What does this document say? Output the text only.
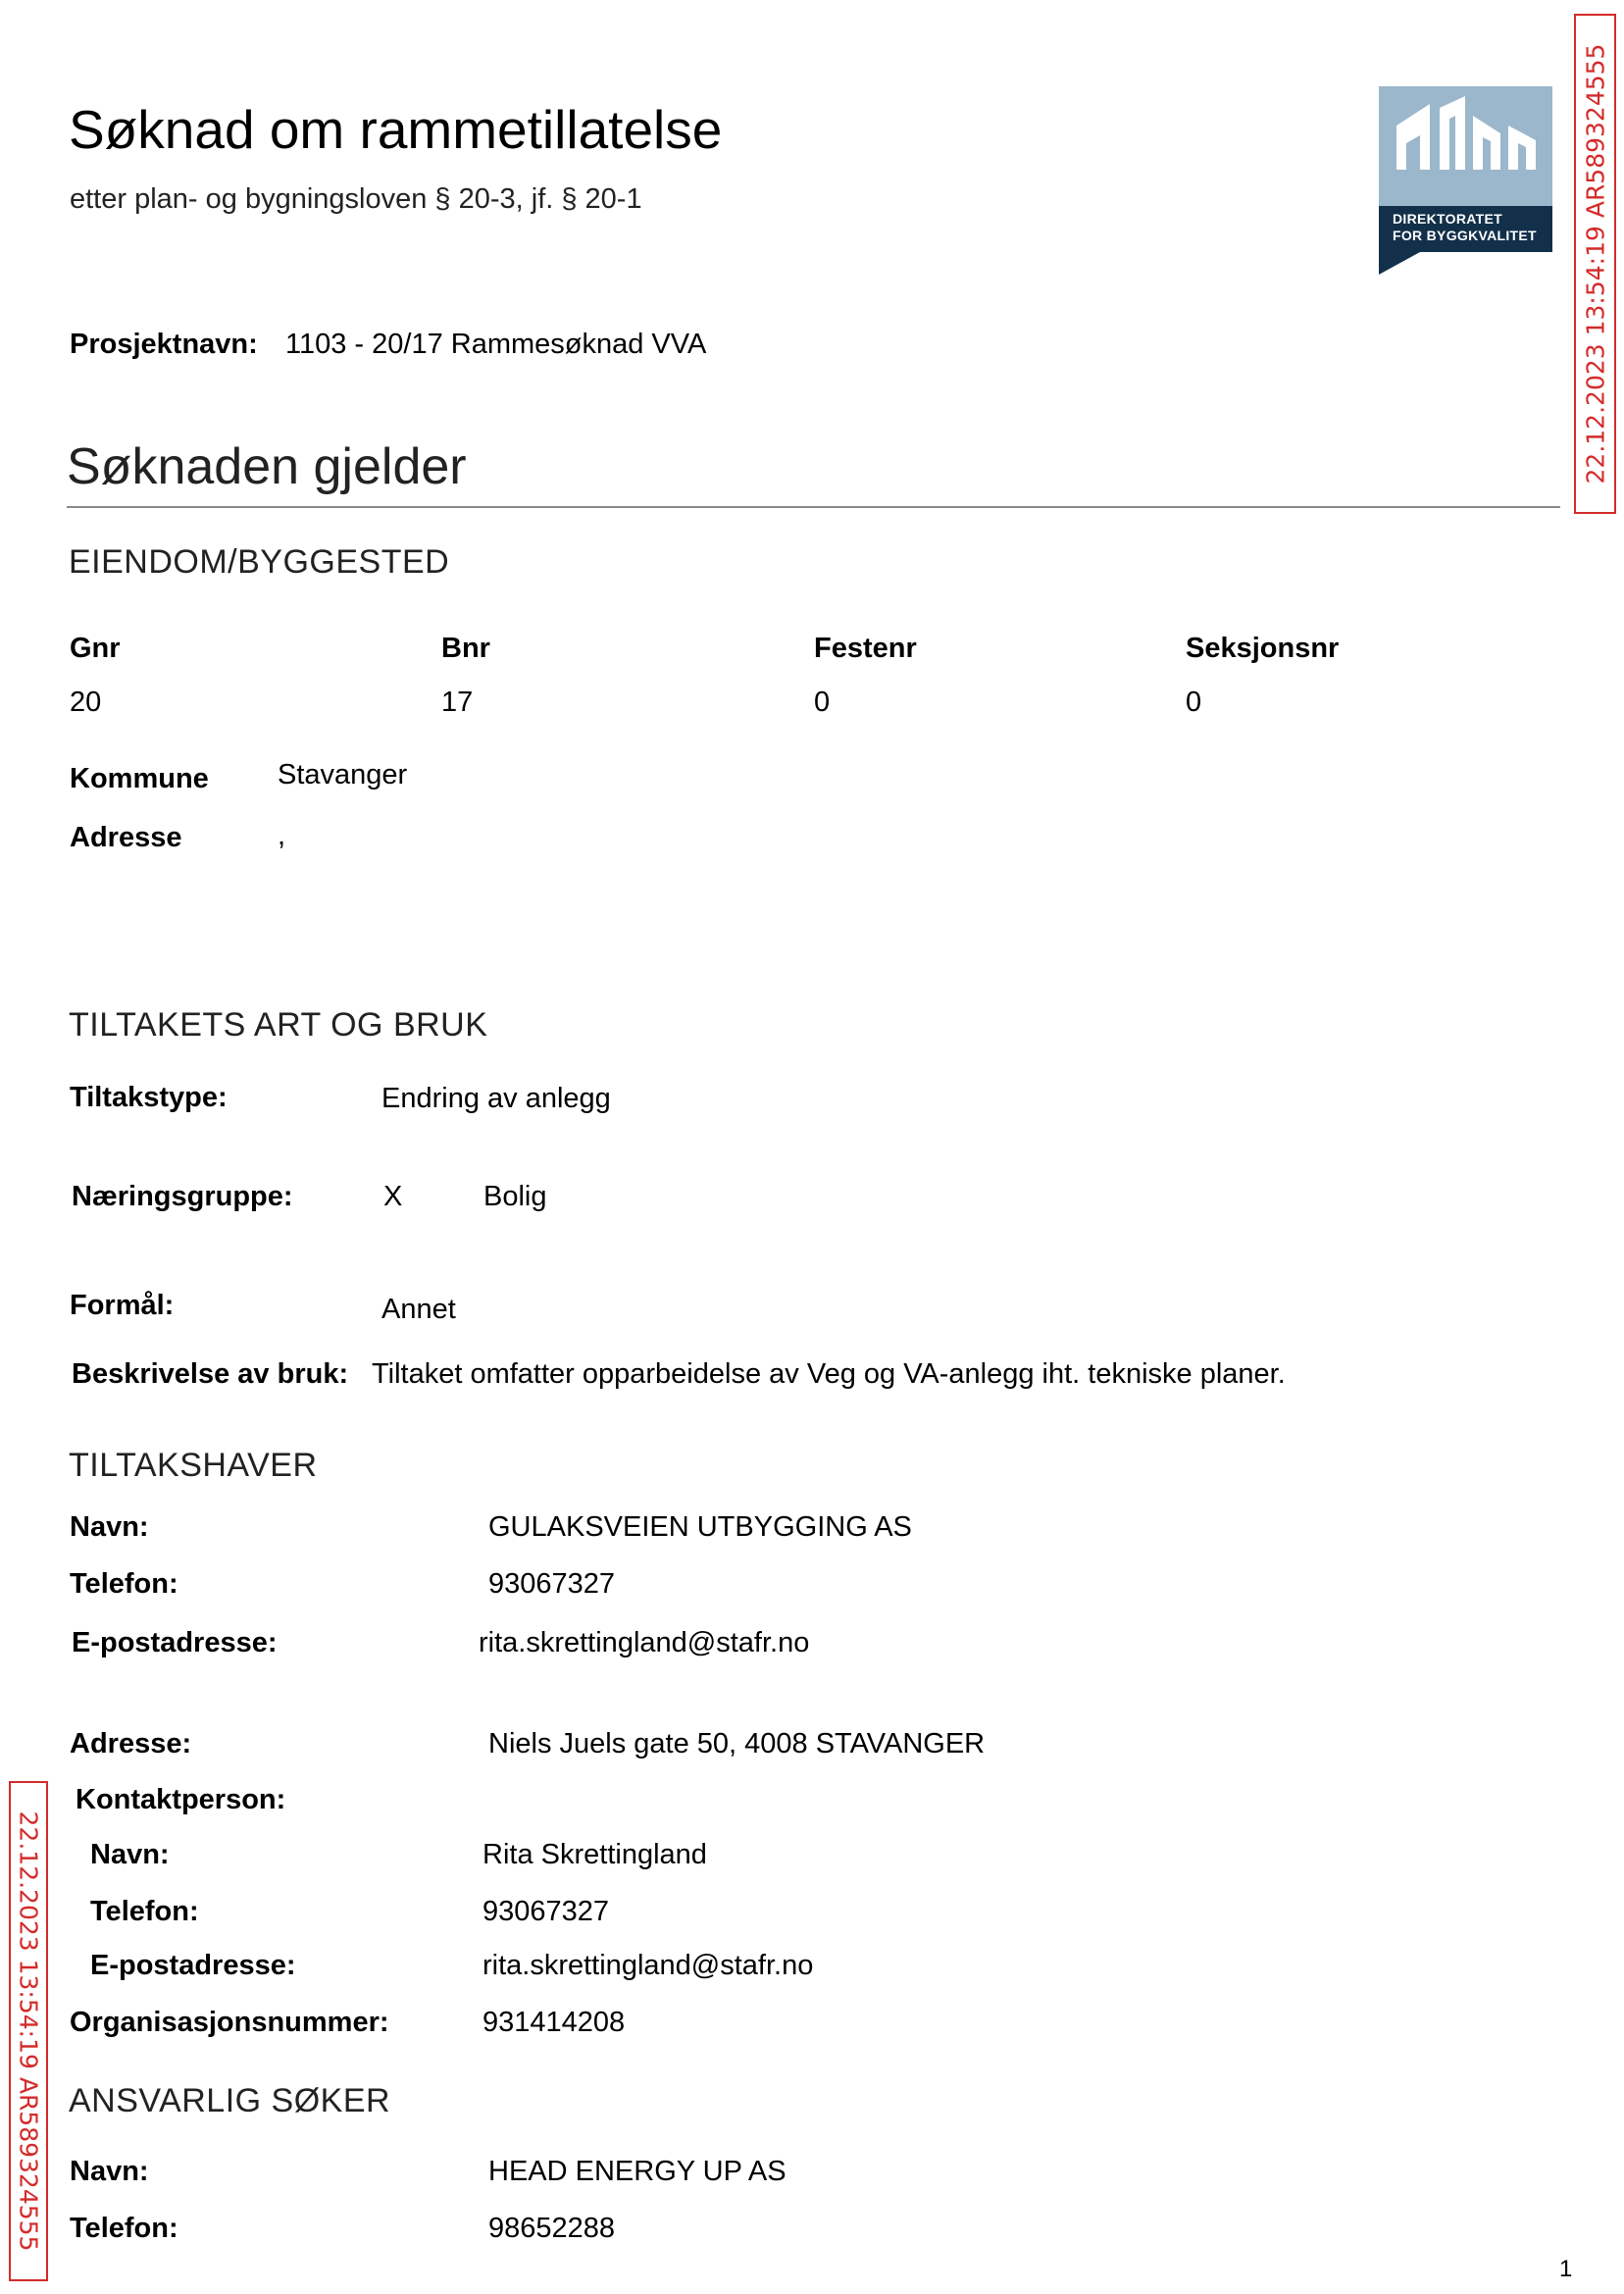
Søknad om rammetillatelse
etter plan- og bygningsloven § 20-3, jf. § 20-1
DIREKTORATET
FOR BYGGKVALITET 22.12.2023 13:54:19 AR589324555
22.12.2023 13:54:19 AR589324555
Prosjektnavn: 1103 - 20/17 Rammesøknad VVA
Søknaden gjelder
EIENDOM/BYGGESTED
Gnr	Bnr	Festenr	Seksjonsnr
20	17	0	0
Kommune Stavanger
Adresse	,
TILTAKETS ART OG BRUK
Tiltakstype:	Endring av anlegg
Næringsgruppe:	X	Bolig
Formål:	Annet
Beskrivelse av bruk: Tiltaket omfatter opparbeidelse av Veg og VA-anlegg iht. tekniske planer.
TILTAKSHAVER
Navn:	GULAKSVEIEN UTBYGGING AS
Telefon:	93067327
E-postadresse:	rita.skrettingland@stafr.no
Adresse:	Niels Juels gate 50, 4008 STAVANGER
Kontaktperson:
Navn:	Rita Skrettingland
Telefon:	93067327
E-postadresse:	rita.skrettingland@stafr.no
Organisasjonsnummer:	931414208
ANSVARLIG SØKER
Navn:	HEAD ENERGY UP AS
Telefon:	98652288
1
